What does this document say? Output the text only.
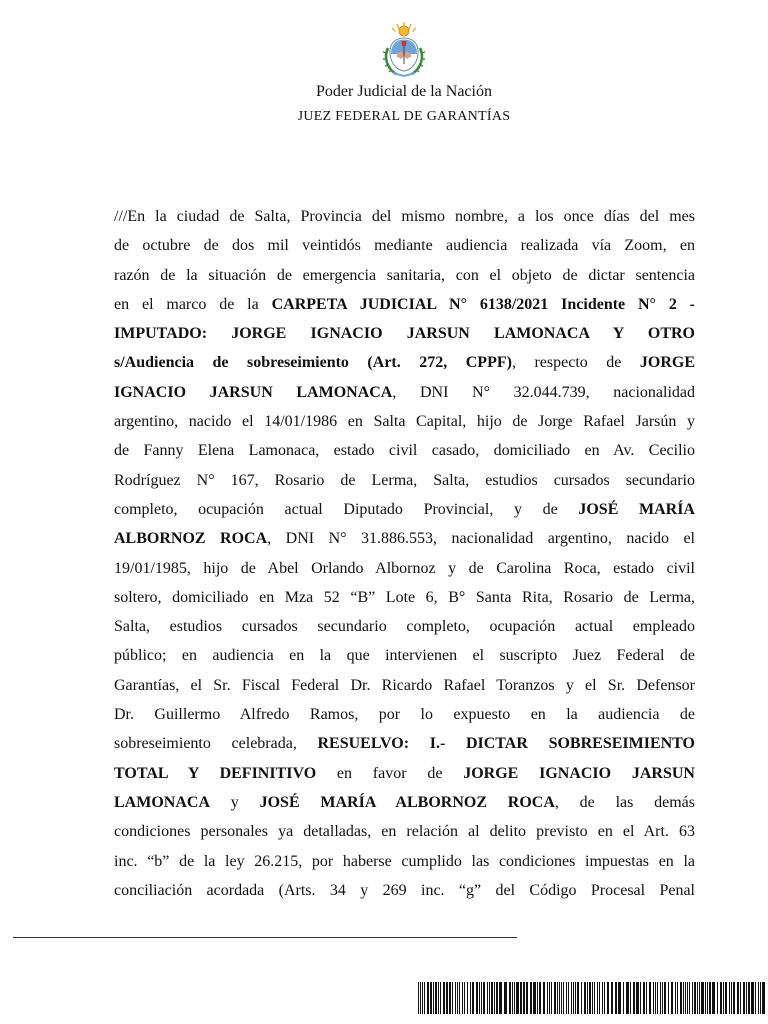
Poder Judicial de la Nación
JUEZ FEDERAL DE GARANTÍAS
///En la ciudad de Salta, Provincia del mismo nombre, a los once días del mes
de octubre de dos mil veintidós mediante audiencia realizada vía Zoom, en
razón de la situación de emergencia sanitaria, con el objeto de dictar sentencia
en el marco de la CARPETA JUDICIAL N° 6138/2021 Incidente N° 2 -
IMPUTADO: JORGE IGNACIO JARSUN LAMONACA Y OTRO
s/Audiencia de sobreseimiento (Art. 272, CPPF), respecto de JORGE
IGNACIO JARSUN LAMONACA, DNI N° 32.044.739, nacionalidad
argentino, nacido el 14/01/1986 en Salta Capital, hijo de Jorge Rafael Jarsún y
de Fanny Elena Lamonaca, estado civil casado, domiciliado en Av. Cecilio
Rodríguez N° 167, Rosario de Lerma, Salta, estudios cursados secundario
completo, ocupación actual Diputado Provincial, y de JOSÉ MARÍA
ALBORNOZ ROCA, DNI N° 31.886.553, nacionalidad argentino, nacido el
19/01/1985, hijo de Abel Orlando Albornoz y de Carolina Roca, estado civil
soltero, domiciliado en Mza 52 “B” Lote 6, B° Santa Rita, Rosario de Lerma,
Salta, estudios cursados secundario completo, ocupación actual empleado
público; en audiencia en la que intervienen el suscripto Juez Federal de
Garantías, el Sr. Fiscal Federal Dr. Ricardo Rafael Toranzos y el Sr. Defensor
Dr. Guillermo Alfredo Ramos, por lo expuesto en la audiencia de
sobreseimiento celebrada, RESUELVO: I.- DICTAR SOBRESEIMIENTO
TOTAL Y DEFINITIVO en favor de JORGE IGNACIO JARSUN
LAMONACA y JOSÉ MARÍA ALBORNOZ ROCA, de las demás
condiciones personales ya detalladas, en relación al delito previsto en el Art. 63
inc. “b” de la ley 26.215, por haberse cumplido las condiciones impuestas en la
conciliación acordada (Arts. 34 y 269 inc. “g” del Código Procesal Penal
